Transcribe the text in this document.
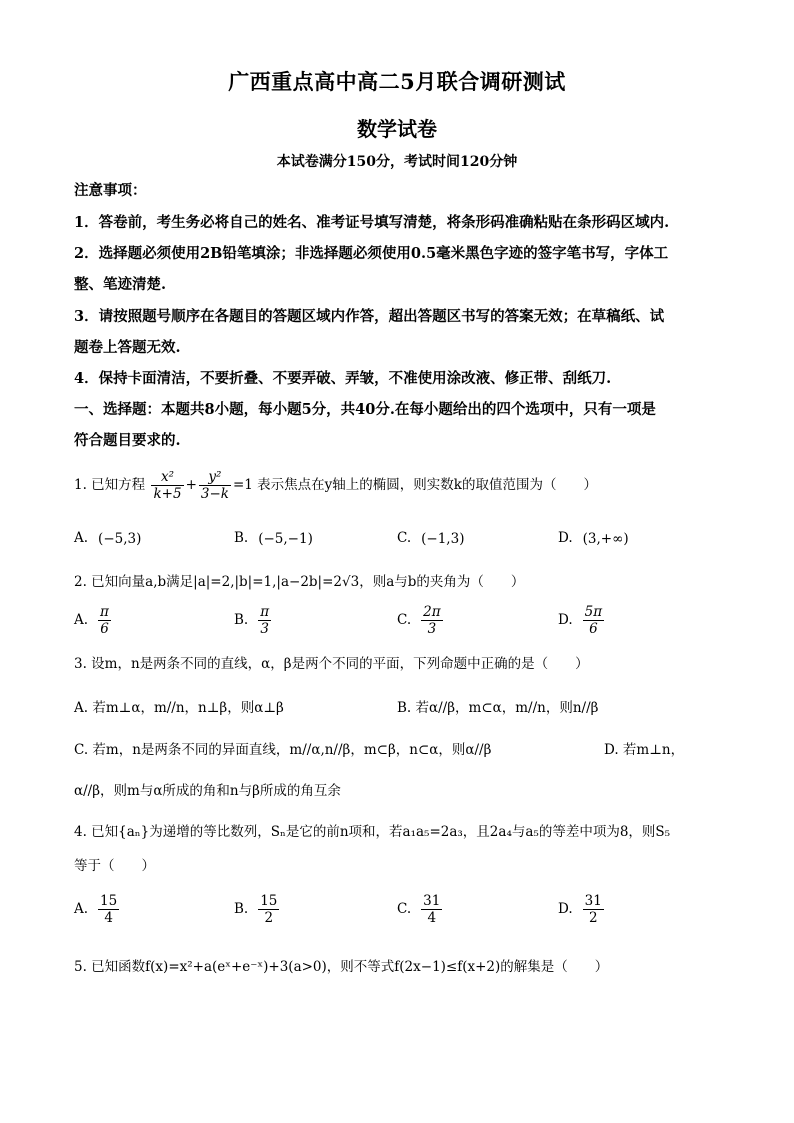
广西重点高中高二5月联合调研测试
数学试卷
本试卷满分150分，考试时间120分钟
注意事项：
1．答卷前，考生务必将自己的姓名、准考证号填写清楚，将条形码准确粘贴在条形码区域内.
2．选择题必须使用2B铅笔填涂；非选择题必须使用0.5毫米黑色字迹的签字笔书写，字体工
整、笔迹清楚.
3．请按照题号顺序在各题目的答题区域内作答，超出答题区书写的答案无效；在草稿纸、试
题卷上答题无效.
4．保持卡面清洁，不要折叠、不要弄破、弄皱，不准使用涂改液、修正带、刮纸刀.
一、选择题：本题共8小题，每小题5分，共40分.在每小题给出的四个选项中，只有一项是
符合题目要求的.
1. 已知方程 $\frac{\text{x²}}{k+5} + \frac{\text{y²}}{3-k} =1$ 表示焦点在y轴上的椭圆，则实数k的取值范围为（　　）
A. (−5,3)	B. (−5,−1)	C. (−1,3)	D. (3,+∞)
2. 已知向量a,b满足|a|=2,|b|=1,|a−2b|=2√3，则a与b的夹角为（　　）
A. $\frac{\pi}{6}$	B. $\frac{\pi}{3}$	C. $\frac{2\pi}{3}$	D. $\frac{5\pi}{6}$
3. 设m，n是两条不同的直线，α，β是两个不同的平面，下列命题中正确的是（　　）
A. 若m⊥α，m//n，n⊥β，则α⊥β	B. 若α//β，m⊂α，m//n，则n//β
C. 若m，n是两条不同的异面直线，m//α,n//β，m⊂β，n⊂α，则α//β	D. 若m⊥n，
α//β，则m与α所成的角和n与β所成的角互余
4. 已知{aₙ}为递增的等比数列，Sₙ是它的前n项和，若a₁a₅=2a₃，且2a₄与a₅的等差中项为8，则S₅
等于（　　）
A. $\frac{15}{4}$	B. $\frac{15}{2}$	C. $\frac{31}{4}$	D. $\frac{31}{2}$
5. 已知函数f(x)=x²+a(eˣ+e⁻ˣ)+3(a>0)，则不等式f(2x−1)≤f(x+2)的解集是（　　）
